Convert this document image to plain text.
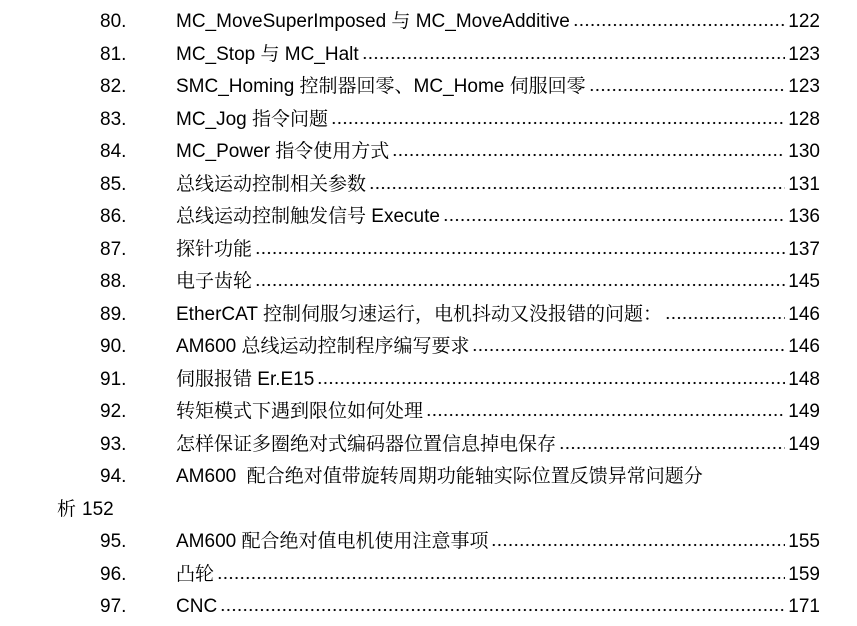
80.	MC_MoveSuperImposed 与 MC_MoveAdditive	122
81.	MC_Stop 与 MC_Halt	123
82.	SMC_Homing 控制器回零、MC_Home 伺服回零	123
83.	MC_Jog 指令问题	128
84.	MC_Power 指令使用方式	130
85.	总线运动控制相关参数	131
86.	总线运动控制触发信号 Execute	136
87.	探针功能	137
88.	电子齿轮	145
89.	EtherCAT 控制伺服匀速运行，电机抖动又没报错的问题：	146
90.	AM600 总线运动控制程序编写要求	146
91.	伺服报错 Er.E15	148
92.	转矩模式下遇到限位如何处理	149
93.	怎样保证多圈绝对式编码器位置信息掉电保存	149
94.	AM600  配合绝对值带旋转周期功能轴实际位置反馈异常问题分
析 152
95.	AM600 配合绝对值电机使用注意事项	155
96.	凸轮	159
97.	CNC	171
